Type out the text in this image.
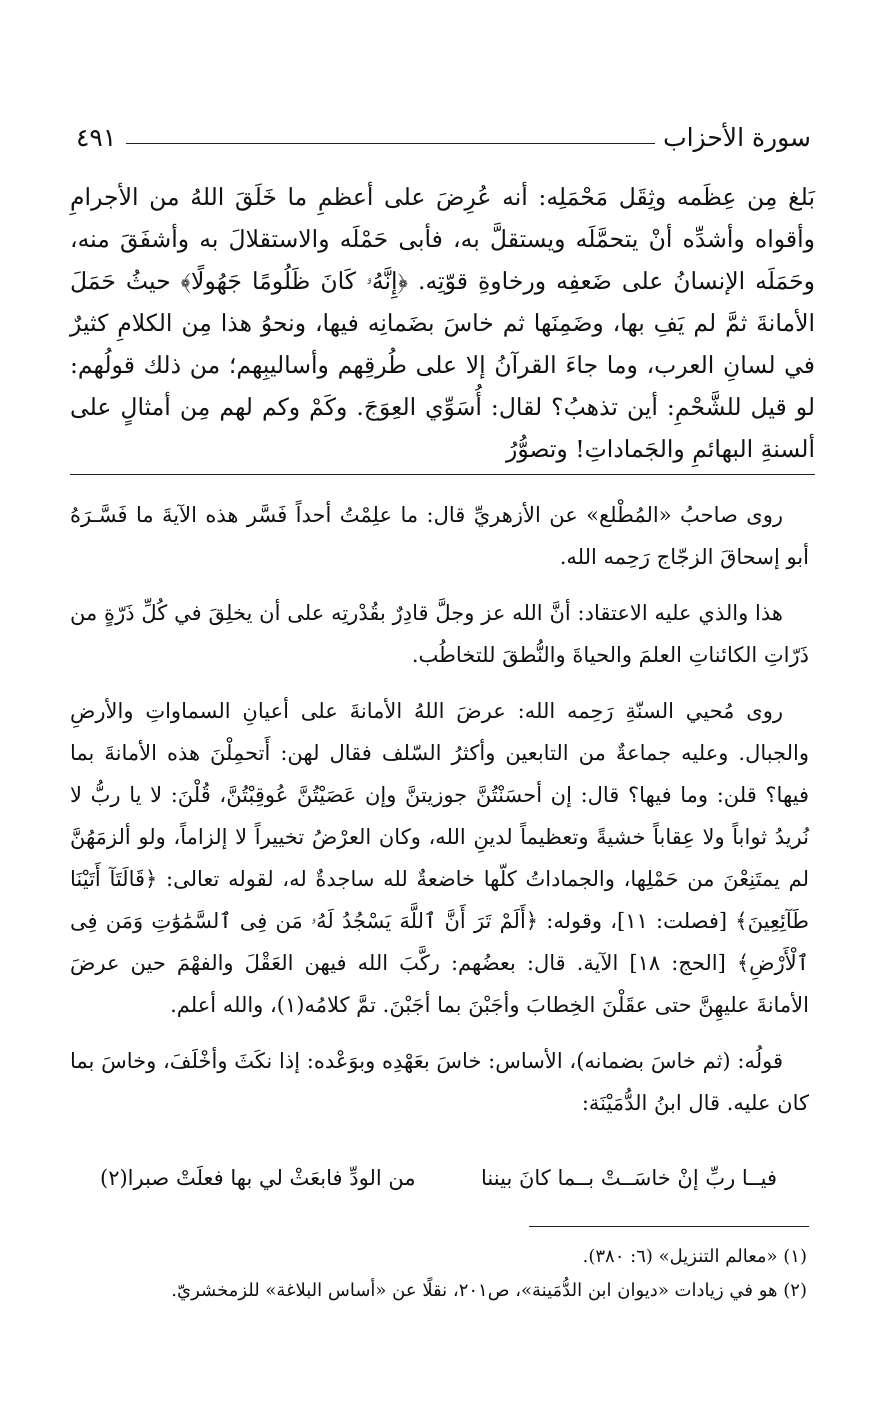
سورة الأحزاب
٤٩١

بَلغ مِن عِظَمه وثِقَل مَحْمَلِه: أنه عُرِضَ على أعظمِ ما خَلَقَ اللهُ من الأجرامِ وأقواه وأشدِّه أنْ يتحمَّلَه ويستقلَّ به، فأبى حَمْلَه والاستقلالَ به وأشفَقَ منه، وحَمَلَه الإنسانُ على ضَعفِه ورخاوةِ قوّتِه. ﴿إِنَّهُۥ كَانَ ظَلُومًا جَهُولًا﴾ حيثُ حَمَلَ الأمانةَ ثمَّ لم يَفِ بها، وضَمِنَها ثم خاسَ بضَمانِه فيها، ونحوُ هذا مِن الكلامِ كثيرٌ في لسانِ العرب، وما جاءَ القرآنُ إلا على طُرقِهم وأساليبِهم؛ من ذلك قولُهم: لو قيل للشَّحْمِ: أين تذهبُ؟ لقال: أُسَوِّي العِوَجَ. وكَمْ وكم لهم مِن أمثالٍ على ألسنةِ البهائمِ والجَماداتِ! وتصوُّرُ

روى صاحبُ «المُطْلع» عن الأزهريِّ قال: ما علِمْتُ أحداً فَسَّر هذه الآيةَ ما فَسَّـرَهُ أبو إسحاقَ الزجّاج رَحِمه الله.

هذا والذي عليه الاعتقاد: أنَّ الله عز وجلَّ قادِرٌ بقُدْرتِه على أن يخلِقَ في كُلِّ ذَرّةٍ من ذَرّاتِ الكائناتِ العلمَ والحياةَ والنُّطقَ للتخاطُب.

روى مُحيي السنّةِ رَحِمه الله: عرضَ اللهُ الأمانةَ على أعيانِ السماواتِ والأرضِ والجبال. وعليه جماعةٌ من التابعين وأكثرُ السّلف فقال لهن: أَتحمِلْنَ هذه الأمانةَ بما فيها؟ قلن: وما فيها؟ قال: إن أحسَنْتُنَّ جوزيتنَّ وإن عَصَيْتُنَّ عُوقِبْتُنَّ، قُلْنَ: لا يا ربُّ لا نُريدُ ثواباً ولا عِقاباً خشيةً وتعظيماً لدينِ الله، وكان العرْضُ تخييراً لا إلزاماً، ولو ألزمَهُنَّ لم يمتَنِعْنَ من حَمْلِها، والجماداتُ كلّها خاضعةٌ لله ساجدةٌ له، لقوله تعالى: ﴿قَالَتَآ أَتَيْنَا طَآئِعِينَ﴾ [فصلت: ١١]، وقوله: ﴿أَلَمْ تَرَ أَنَّ ٱللَّهَ يَسْجُدُ لَهُۥ مَن فِى ٱلسَّمَٰوَٰتِ وَمَن فِى ٱلْأَرْضِ﴾ [الحج: ١٨] الآية. قال: بعضُهم: ركَّبَ الله فيهن العَقْلَ والفهْمَ حين عرضَ الأمانةَ عليهِنَّ حتى عقَلْنَ الخِطابَ وأجَبْنَ بما أجَبْنَ. تمَّ كلامُه(١)، والله أعلم.

قولُه: (ثم خاسَ بضمانه)، الأساس: خاسَ بعَهْدِه وبوَعْده: إذا نكَثَ وأخْلَفَ، وخاسَ بما كان عليه. قال ابنُ الدُّمَيْنَة:

فيــا ربِّ إنْ خاسَــتْ بــما كانَ بيننا
من الودِّ فابعَثْ لي بها فعلَتْ صبرا(٢)
(١) «معالم التنزيل» (٦: ٣٨٠).
(٢) هو في زيادات «ديوان ابن الدُّمَينة»، ص٢٠١، نقلًا عن «أساس البلاغة» للزمخشريّ.
